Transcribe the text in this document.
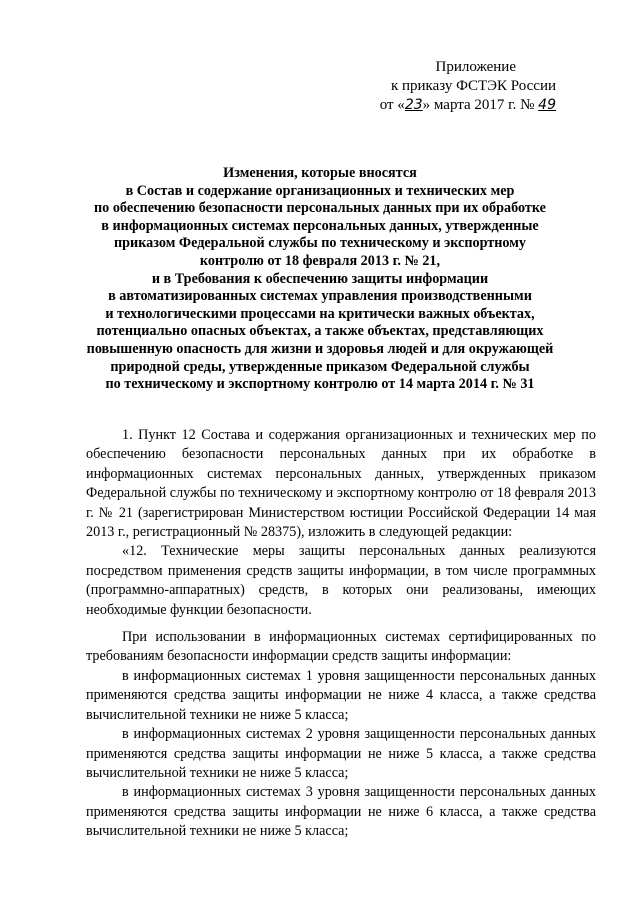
Приложение
к приказу ФСТЭК России
от «23» марта 2017 г. № 49
Изменения, которые вносятся
в Состав и содержание организационных и технических мер
по обеспечению безопасности персональных данных при их обработке
в информационных системах персональных данных, утвержденные
приказом Федеральной службы по техническому и экспортному
контролю от 18 февраля 2013 г. № 21,
и в Требования к обеспечению защиты информации
в автоматизированных системах управления производственными
и технологическими процессами на критически важных объектах,
потенциально опасных объектах, а также объектах, представляющих
повышенную опасность для жизни и здоровья людей и для окружающей
природной среды, утвержденные приказом Федеральной службы
по техническому и экспортному контролю от 14 марта 2014 г. № 31

1. Пункт 12 Состава и содержания организационных и технических мер по обеспечению безопасности персональных данных при их обработке в информационных системах персональных данных, утвержденных приказом Федеральной службы по техническому и экспортному контролю от 18 февраля 2013 г. № 21 (зарегистрирован Министерством юстиции Российской Федерации 14 мая 2013 г., регистрационный № 28375), изложить в следующей редакции:

«12. Технические меры защиты персональных данных реализуются посредством применения средств защиты информации, в том числе программных (программно-аппаратных) средств, в которых они реализованы, имеющих необходимые функции безопасности.

При использовании в информационных системах сертифицированных по требованиям безопасности информации средств защиты информации:

в информационных системах 1 уровня защищенности персональных данных применяются средства защиты информации не ниже 4 класса, а также средства вычислительной техники не ниже 5 класса;

в информационных системах 2 уровня защищенности персональных данных применяются средства защиты информации не ниже 5 класса, а также средства вычислительной техники не ниже 5 класса;

в информационных системах 3 уровня защищенности персональных данных применяются средства защиты информации не ниже 6 класса, а также средства вычислительной техники не ниже 5 класса;
